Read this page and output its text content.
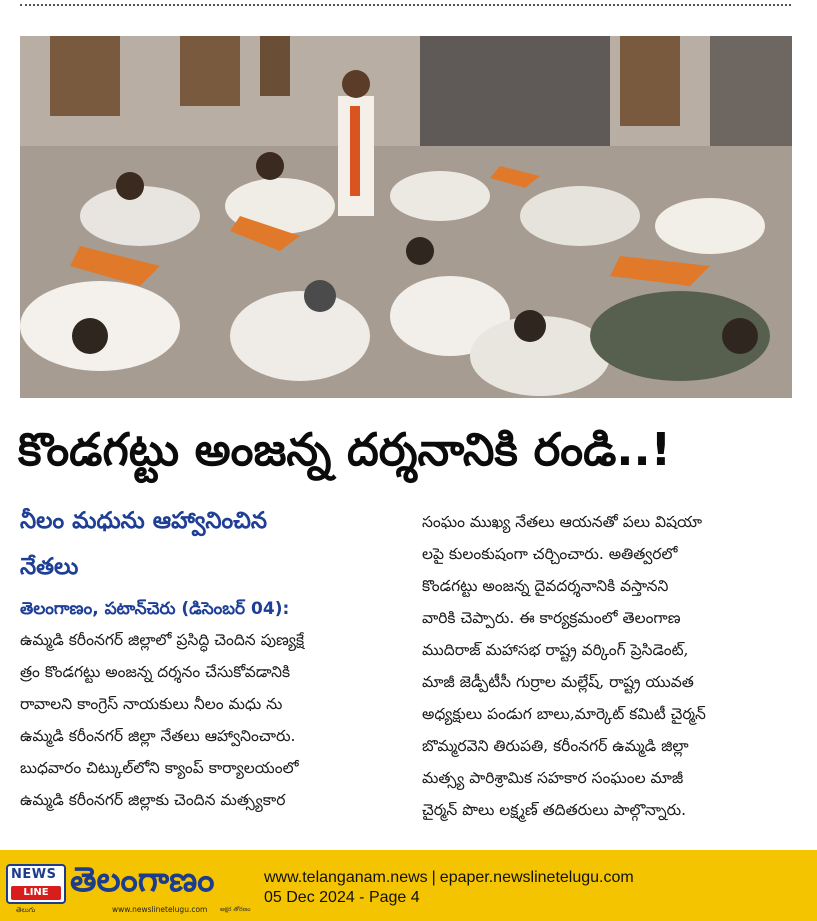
కొండగట్టు అంజన్న దర్శనానికి రండి..!
నీలం మధును ఆహ్వానించిన
నేతలు
తెలంగాణం, పటాన్‌చెరు (డిసెంబర్ 04):

ఉమ్మడి కరీంనగర్ జిల్లాలో ప్రసిద్ధి చెందిన పుణ్యక్షే

త్రం కొండగట్టు అంజన్న దర్శనం చేసుకోవడానికి

రావాలని కాంగ్రెస్ నాయకులు నీలం మధు ను

ఉమ్మడి కరీంనగర్ జిల్లా నేతలు ఆహ్వానించారు.

బుధవారం చిట్కుల్‌లోని క్యాంప్ కార్యాలయంలో

ఉమ్మడి కరీంనగర్ జిల్లాకు చెందిన మత్స్యకార

సంఘం ముఖ్య నేతలు ఆయనతో పలు విషయా

లపై కులంకుషంగా చర్చించారు. అతిత్వరలో

కొండగట్టు అంజన్న దైవదర్శనానికి వస్తానని

వారికి చెప్పారు. ఈ కార్యక్రమంలో తెలంగాణ

ముదిరాజ్ మహాసభ రాష్ట్ర వర్కింగ్ ప్రెసిడెంట్,

మాజీ జెడ్పీటీసీ గుర్రాల మల్లేష్, రాష్ట్ర యువత

అధ్యక్షులు పండుగ బాలు,మార్కెట్ కమిటీ చైర్మన్

బొమ్మరవెని తిరుపతి, కరీంనగర్ ఉమ్మడి జిల్లా

మత్స్య పారిశ్రామిక సహకార సంఘంల మాజీ

చైర్మన్ పొలు లక్ష్మణ్ తదితరులు పాల్గొన్నారు.

NEWS
LINE
తెలుగు
తెలంగాణం
www.newslinetelugu.com అక్షర తోరణం
www.telanganam.news | epaper.newslinetelugu.com
05 Dec 2024 - Page 4
